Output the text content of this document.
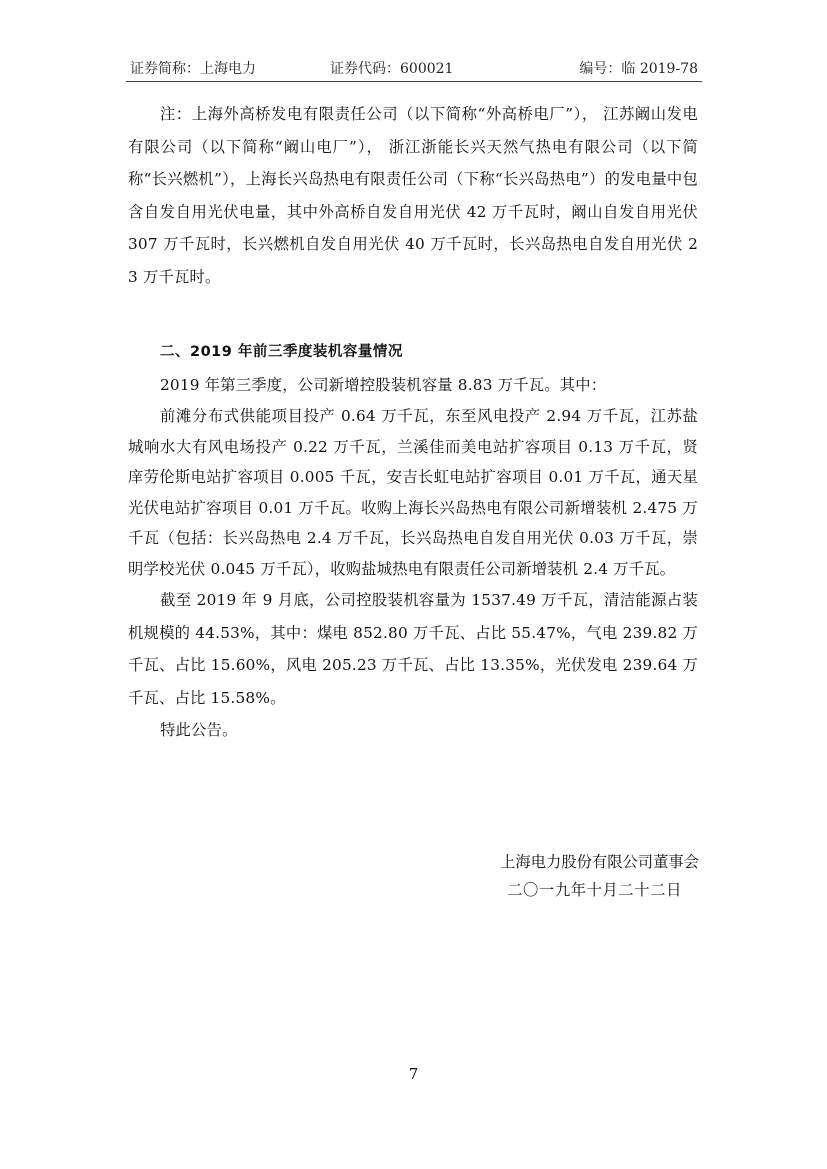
证券简称：上海电力	证券代码：600021	编号：临 2019-78

注：上海外高桥发电有限责任公司（以下简称“外高桥电厂”）， 江苏阚山发电有限公司（以下简称“阚山电厂”）， 浙江浙能长兴天然气热电有限公司（以下简称“长兴燃机”），上海长兴岛热电有限责任公司（下称“长兴岛热电”）的发电量中包含自发自用光伏电量，其中外高桥自发自用光伏 42 万千瓦时，阚山自发自用光伏 307 万千瓦时，长兴燃机自发自用光伏 40 万千瓦时，长兴岛热电自发自用光伏 23 万千瓦时。

二、2019 年前三季度装机容量情况

2019 年第三季度，公司新增控股装机容量 8.83 万千瓦。其中：

前滩分布式供能项目投产 0.64 万千瓦，东至风电投产 2.94 万千瓦，江苏盐城响水大有风电场投产 0.22 万千瓦，兰溪佳而美电站扩容项目 0.13 万千瓦，贤庠劳伦斯电站扩容项目 0.005 千瓦，安吉长虹电站扩容项目 0.01 万千瓦，通天星光伏电站扩容项目 0.01 万千瓦。收购上海长兴岛热电有限公司新增装机 2.475 万千瓦（包括：长兴岛热电 2.4 万千瓦，长兴岛热电自发自用光伏 0.03 万千瓦，崇明学校光伏 0.045 万千瓦），收购盐城热电有限责任公司新增装机 2.4 万千瓦。

截至 2019 年 9 月底，公司控股装机容量为 1537.49 万千瓦，清洁能源占装机规模的 44.53%，其中：煤电 852.80 万千瓦、占比 55.47%，气电 239.82 万千瓦、占比 15.60%，风电 205.23 万千瓦、占比 13.35%，光伏发电 239.64 万千瓦、占比 15.58%。

特此公告。

上海电力股份有限公司董事会
二〇一九年十月二十二日
7
